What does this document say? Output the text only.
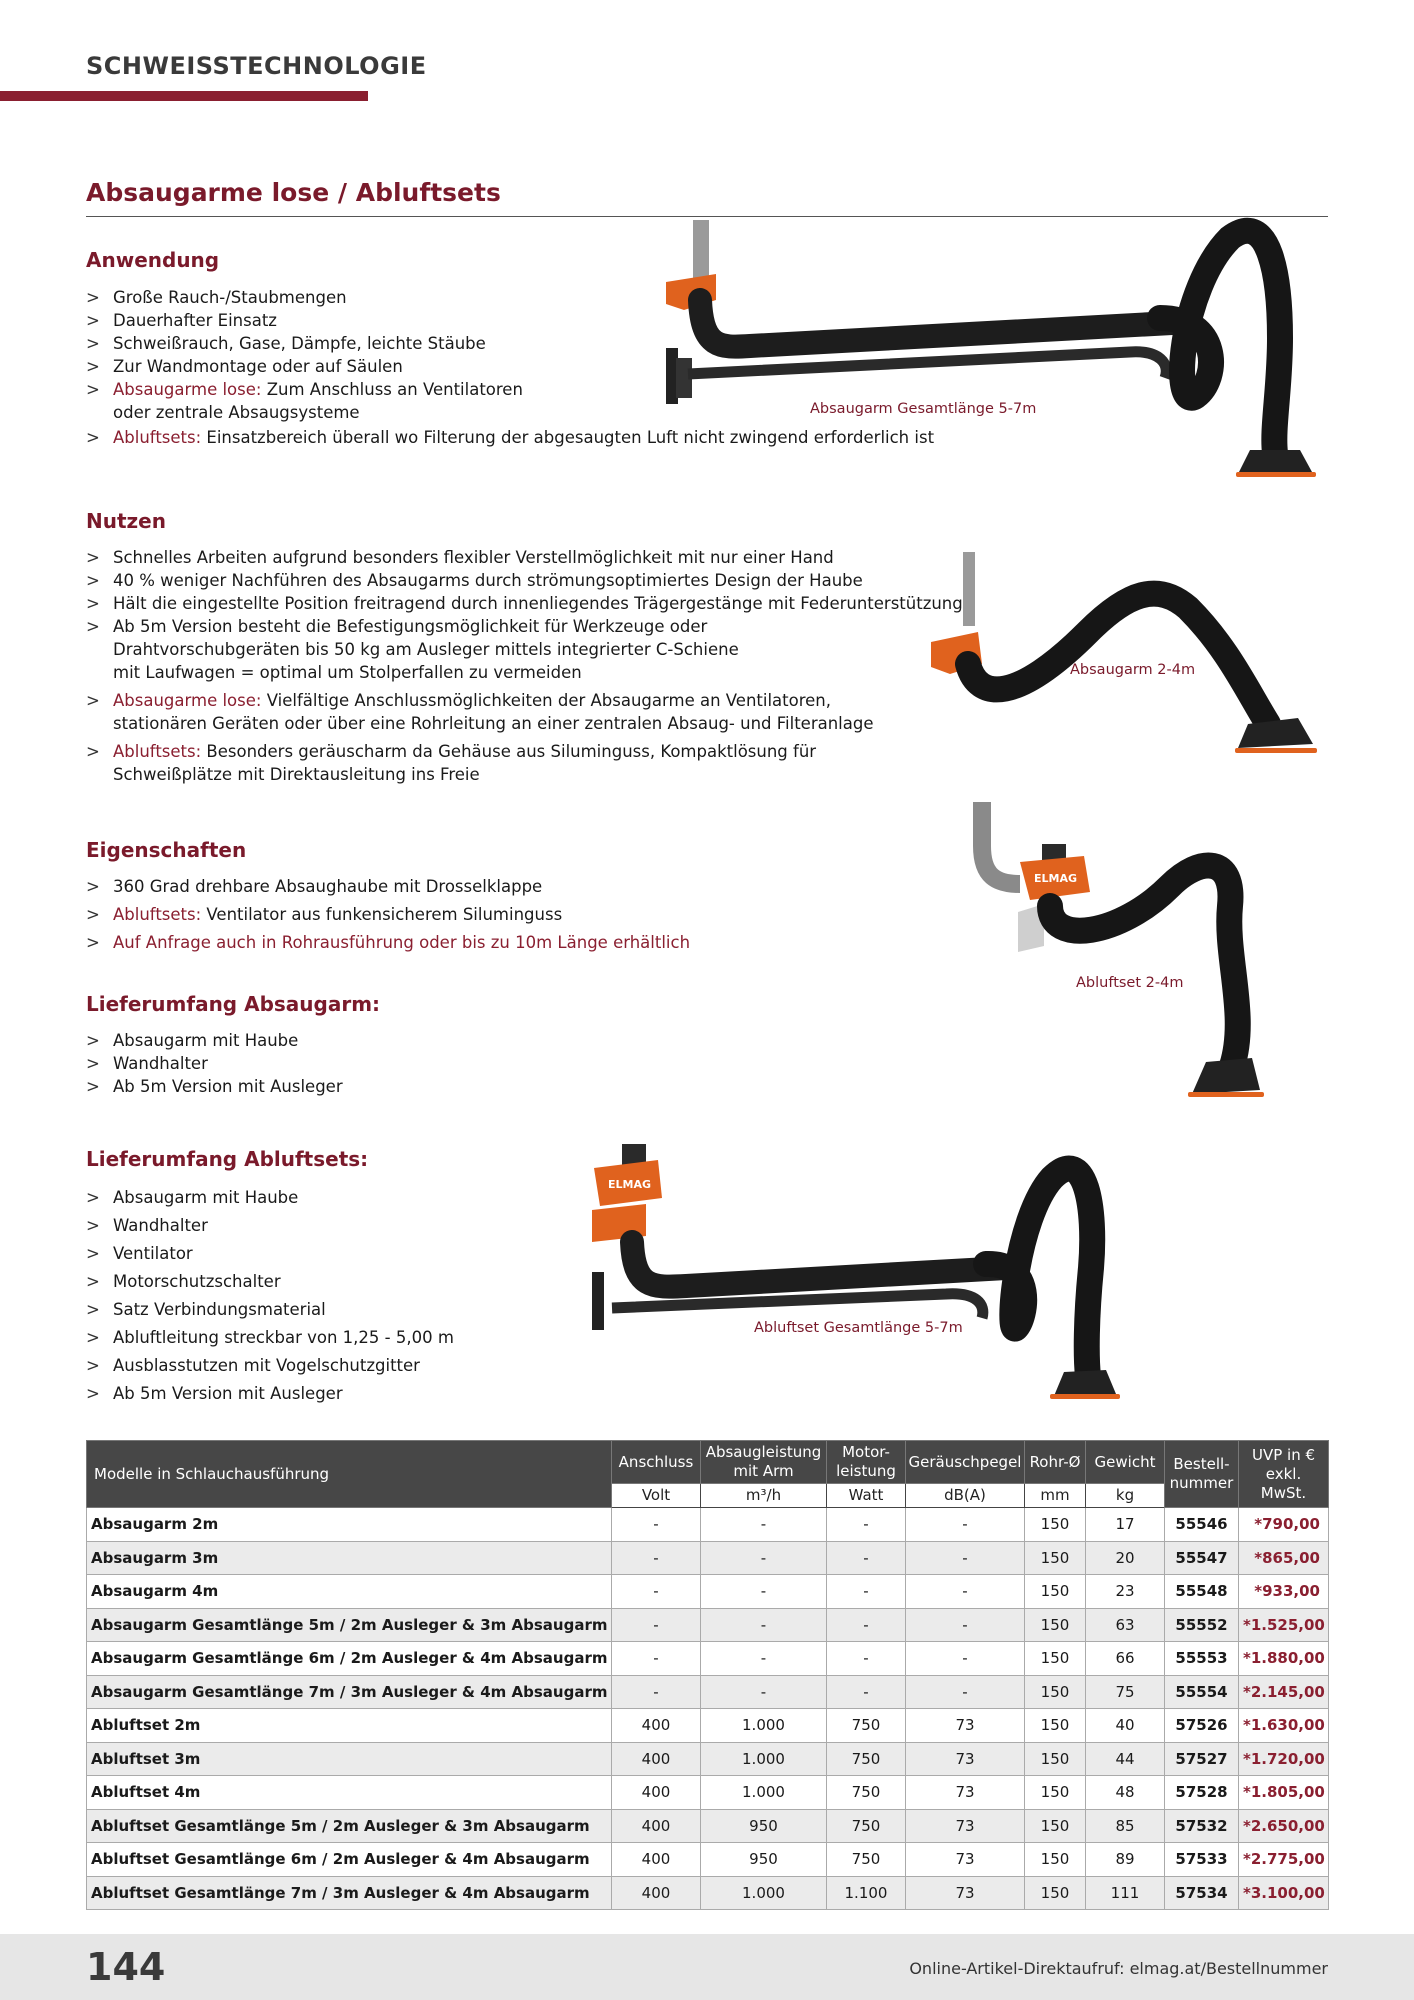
SCHWEISSTECHNOLOGIE
Absaugarme lose / Abluftsets
Anwendung
> Große Rauch-/Staubmengen
> Dauerhafter Einsatz
> Schweißrauch, Gase, Dämpfe, leichte Stäube
> Zur Wandmontage oder auf Säulen
> Absaugarme lose: Zum Anschluss an Ventilatoren
oder zentrale Absaugsysteme
> Abluftsets: Einsatzbereich überall wo Filterung der abgesaugten Luft nicht zwingend erforderlich ist
Nutzen
> Schnelles Arbeiten aufgrund besonders flexibler Verstellmöglichkeit mit nur einer Hand
> 40 % weniger Nachführen des Absaugarms durch strömungsoptimiertes Design der Haube
> Hält die eingestellte Position freitragend durch innenliegendes Trägergestänge mit Federunterstützung
> Ab 5m Version besteht die Befestigungsmöglichkeit für Werkzeuge oder
Drahtvorschubgeräten bis 50 kg am Ausleger mittels integrierter C-Schiene
mit Laufwagen = optimal um Stolperfallen zu vermeiden
> Absaugarme lose: Vielfältige Anschlussmöglichkeiten der Absaugarme an Ventilatoren,
stationären Geräten oder über eine Rohrleitung an einer zentralen Absaug- und Filteranlage
> Abluftsets: Besonders geräuscharm da Gehäuse aus Siluminguss, Kompaktlösung für
Schweißplätze mit Direktausleitung ins Freie
Eigenschaften
> 360 Grad drehbare Absaughaube mit Drosselklappe
> Abluftsets: Ventilator aus funkensicherem Siluminguss
> Auf Anfrage auch in Rohrausführung oder bis zu 10m Länge erhältlich
Lieferumfang Absaugarm:
> Absaugarm mit Haube
> Wandhalter
> Ab 5m Version mit Ausleger
Lieferumfang Abluftsets:
> Absaugarm mit Haube
> Wandhalter
> Ventilator
> Motorschutzschalter
> Satz Verbindungsmaterial
> Abluftleitung streckbar von 1,25 - 5,00 m
> Ausblasstutzen mit Vogelschutzgitter
> Ab 5m Version mit Ausleger
Absaugarm Gesamtlänge 5-7m
Absaugarm 2-4m
ELMAG
Abluftset 2-4m
ELMAG
Abluftset Gesamtlänge 5-7m
Modelle in Schlauchausführung	Anschluss	Absaugleistung mit Arm	Motor-leistung	Geräuschpegel	Rohr-Ø	Gewicht	Bestell-nummer	UVP in € exkl. MwSt.
	Volt	m³/h	Watt	dB(A)	mm	kg		
Absaugarm 2m	-	-	-	-	150	17	55546	*790,00
Absaugarm 3m	-	-	-	-	150	20	55547	*865,00
Absaugarm 4m	-	-	-	-	150	23	55548	*933,00
Absaugarm Gesamtlänge 5m / 2m Ausleger & 3m Absaugarm	-	-	-	-	150	63	55552	*1.525,00
Absaugarm Gesamtlänge 6m / 2m Ausleger & 4m Absaugarm	-	-	-	-	150	66	55553	*1.880,00
Absaugarm Gesamtlänge 7m / 3m Ausleger & 4m Absaugarm	-	-	-	-	150	75	55554	*2.145,00
Abluftset 2m	400	1.000	750	73	150	40	57526	*1.630,00
Abluftset 3m	400	1.000	750	73	150	44	57527	*1.720,00
Abluftset 4m	400	1.000	750	73	150	48	57528	*1.805,00
Abluftset Gesamtlänge 5m / 2m Ausleger & 3m Absaugarm	400	950	750	73	150	85	57532	*2.650,00
Abluftset Gesamtlänge 6m / 2m Ausleger & 4m Absaugarm	400	950	750	73	150	89	57533	*2.775,00
Abluftset Gesamtlänge 7m / 3m Ausleger & 4m Absaugarm	400	1.000	1.100	73	150	111	57534	*3.100,00
144	Online-Artikel-Direktaufruf: elmag.at/Bestellnummer
